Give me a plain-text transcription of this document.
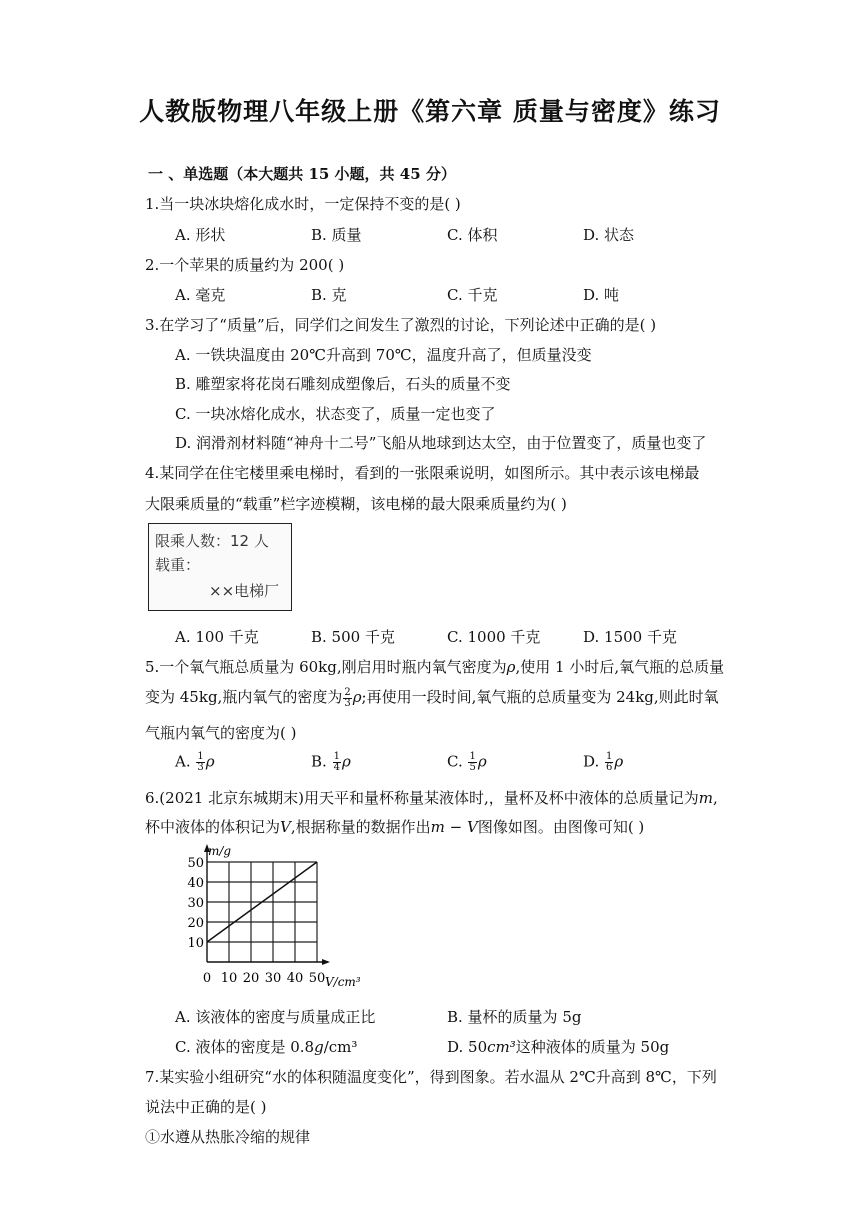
人教版物理八年级上册《第六章 质量与密度》练习
一 、单选题（本大题共 15 小题，共 45 分）
1.当一块冰块熔化成水时，一定保持不变的是( )
A. 形状	B. 质量	C. 体积	D. 状态
2.一个苹果的质量约为 200( )
A. 毫克	B. 克	C. 千克	D. 吨
3.在学习了“质量”后，同学们之间发生了激烈的讨论，下列论述中正确的是( )
A. 一铁块温度由 20℃升高到 70℃，温度升高了，但质量没变
B. 雕塑家将花岗石雕刻成塑像后，石头的质量不变
C. 一块冰熔化成水，状态变了，质量一定也变了
D. 润滑剂材料随“神舟十二号”飞船从地球到达太空，由于位置变了，质量也变了
4.某同学在住宅楼里乘电梯时，看到的一张限乘说明，如图所示。其中表示该电梯最
大限乘质量的“载重”栏字迹模糊，该电梯的最大限乘质量约为( )
限乘人数：12 人
载重：
××电梯厂
A. 100 千克	B. 500 千克	C. 1000 千克	D. 1500 千克
5.一个氧气瓶总质量为 60kg,刚启用时瓶内氧气密度为ρ,使用 1 小时后,氧气瓶的总质量
变为 45kg,瓶内氧气的密度为 $\frac{2}{3} \rho$;再使用一段时间,氧气瓶的总质量变为 24kg,则此时氧
气瓶内氧气的密度为( )
A. $\frac{1}{3}$ ρ	B. $\frac{1}{4}$ ρ	C. $\frac{1}{5}$ ρ	D. $\frac{1}{6}$ ρ
6.(2021 北京东城期末)用天平和量杯称量某液体时,，量杯及杯中液体的总质量记为m,
杯中液体的体积记为V,根据称量的数据作出m − V图像如图。由图像可知( )
0 10 20 30 40 50
10
20
30
40
50
m/g
V/cm³
A. 该液体的密度与质量成正比	B. 量杯的质量为 5g
C. 液体的密度是 0.8g/cm³	D. 50cm³这种液体的质量为 50g
7.某实验小组研究“水的体积随温度变化”，得到图象。若水温从 2℃升高到 8℃，下列
说法中正确的是( )
①水遵从热胀冷缩的规律
